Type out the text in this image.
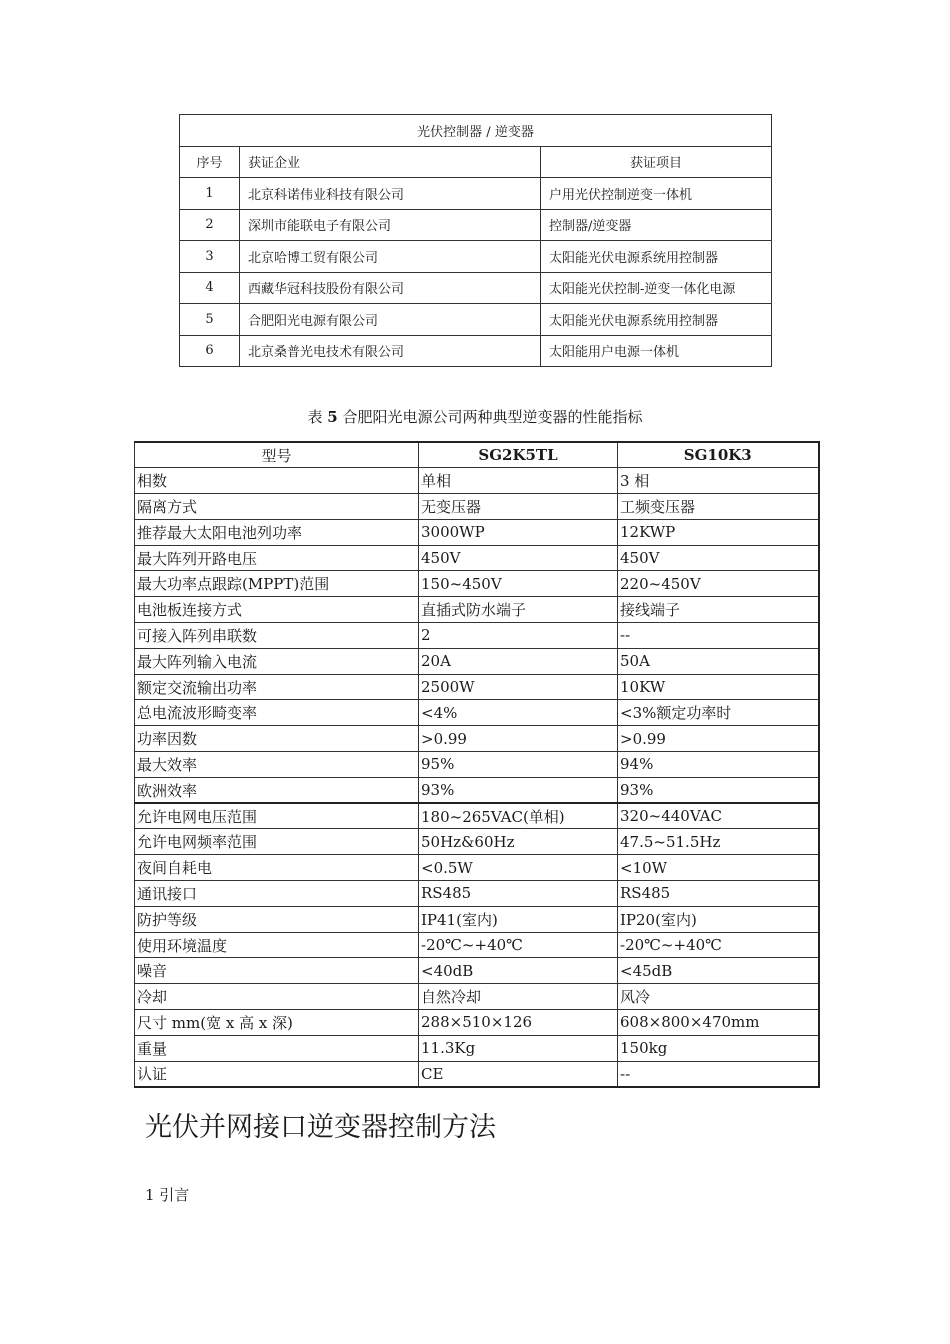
光伏控制器 / 逆变器		
序号	获证企业	获证项目
1	北京科诺伟业科技有限公司	户用光伏控制逆变一体机
2	深圳市能联电子有限公司	控制器/逆变器
3	北京哈博工贸有限公司	太阳能光伏电源系统用控制器
4	西藏华冠科技股份有限公司	太阳能光伏控制-逆变一体化电源
5	合肥阳光电源有限公司	太阳能光伏电源系统用控制器
6	北京桑普光电技术有限公司	太阳能用户电源一体机
表 5 合肥阳光电源公司两种典型逆变器的性能指标
型号	SG2K5TL	SG10K3
相数	单相	3 相
隔离方式	无变压器	工频变压器
推荐最大太阳电池列功率	3000WP	12KWP
最大阵列开路电压	450V	450V
最大功率点跟踪(MPPT)范围	150~450V	220~450V
电池板连接方式	直插式防水端子	接线端子
可接入阵列串联数	2	--
最大阵列输入电流	20A	50A
额定交流输出功率	2500W	10KW
总电流波形畸变率	<4%	<3%额定功率时
功率因数	>0.99	>0.99
最大效率	95%	94%
欧洲效率	93%	93%
允许电网电压范围	180~265VAC(单相)	320~440VAC
允许电网频率范围	50Hz&60Hz	47.5~51.5Hz
夜间自耗电	<0.5W	<10W
通讯接口	RS485	RS485
防护等级	IP41(室内)	IP20(室内)
使用环境温度	-20℃~+40℃	-20℃~+40℃
噪音	<40dB	<45dB
冷却	自然冷却	风冷
尺寸 mm(宽 x 高 x 深)	288×510×126	608×800×470mm
重量	11.3Kg	150kg
认证	CE	--
光伏并网接口逆变器控制方法
1 引言
